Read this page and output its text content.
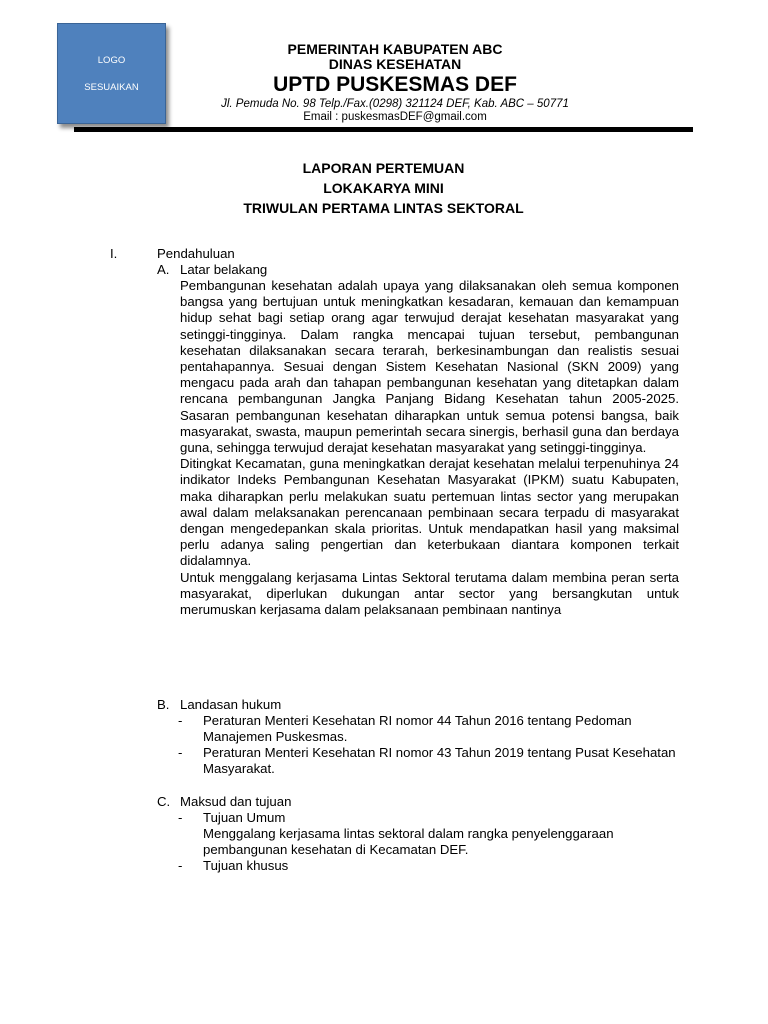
LOGO
SESUAIKAN
PEMERINTAH KABUPATEN ABC
DINAS KESEHATAN
UPTD PUSKESMAS DEF
Jl. Pemuda No. 98 Telp./Fax.(0298) 321124 DEF, Kab. ABC – 50771
Email : puskesmasDEF@gmail.com
LAPORAN PERTEMUAN
LOKAKARYA MINI
TRIWULAN PERTAMA LINTAS SEKTORAL
I.	Pendahuluan
A. Latar belakang

Pembangunan kesehatan adalah upaya yang dilaksanakan oleh semua komponen bangsa yang bertujuan untuk meningkatkan kesadaran, kemauan dan kemampuan hidup sehat bagi setiap orang agar terwujud derajat kesehatan masyarakat yang setinggi-tingginya. Dalam rangka mencapai tujuan tersebut, pembangunan kesehatan dilaksanakan secara terarah, berkesinambungan dan realistis sesuai pentahapannya. Sesuai dengan Sistem Kesehatan Nasional (SKN 2009) yang mengacu pada arah dan tahapan pembangunan kesehatan yang ditetapkan dalam rencana pembangunan Jangka Panjang Bidang Kesehatan tahun 2005-2025. Sasaran pembangunan kesehatan diharapkan untuk semua potensi bangsa, baik masyarakat, swasta, maupun pemerintah secara sinergis, berhasil guna dan berdaya guna, sehingga terwujud derajat kesehatan masyarakat yang setinggi-tingginya.

Ditingkat Kecamatan, guna meningkatkan derajat kesehatan melalui terpenuhinya 24 indikator Indeks Pembangunan Kesehatan Masyarakat (IPKM) suatu Kabupaten, maka diharapkan perlu melakukan suatu pertemuan lintas sector yang merupakan awal dalam melaksanakan perencanaan pembinaan secara terpadu di masyarakat dengan mengedepankan skala prioritas. Untuk mendapatkan hasil yang maksimal perlu adanya saling pengertian dan keterbukaan diantara komponen terkait didalamnya.

Untuk menggalang kerjasama Lintas Sektoral terutama dalam membina peran serta masyarakat, diperlukan dukungan antar sector yang bersangkutan untuk merumuskan kerjasama dalam pelaksanaan pembinaan nantinya

B. Landasan hukum
- Peraturan Menteri Kesehatan RI nomor 44 Tahun 2016 tentang Pedoman Manajemen Puskesmas.
- Peraturan Menteri Kesehatan RI nomor 43 Tahun 2019 tentang Pusat Kesehatan Masyarakat.
C. Maksud dan tujuan
- Tujuan Umum
Menggalang kerjasama lintas sektoral dalam rangka penyelenggaraan pembangunan kesehatan di Kecamatan DEF.
- Tujuan khusus
